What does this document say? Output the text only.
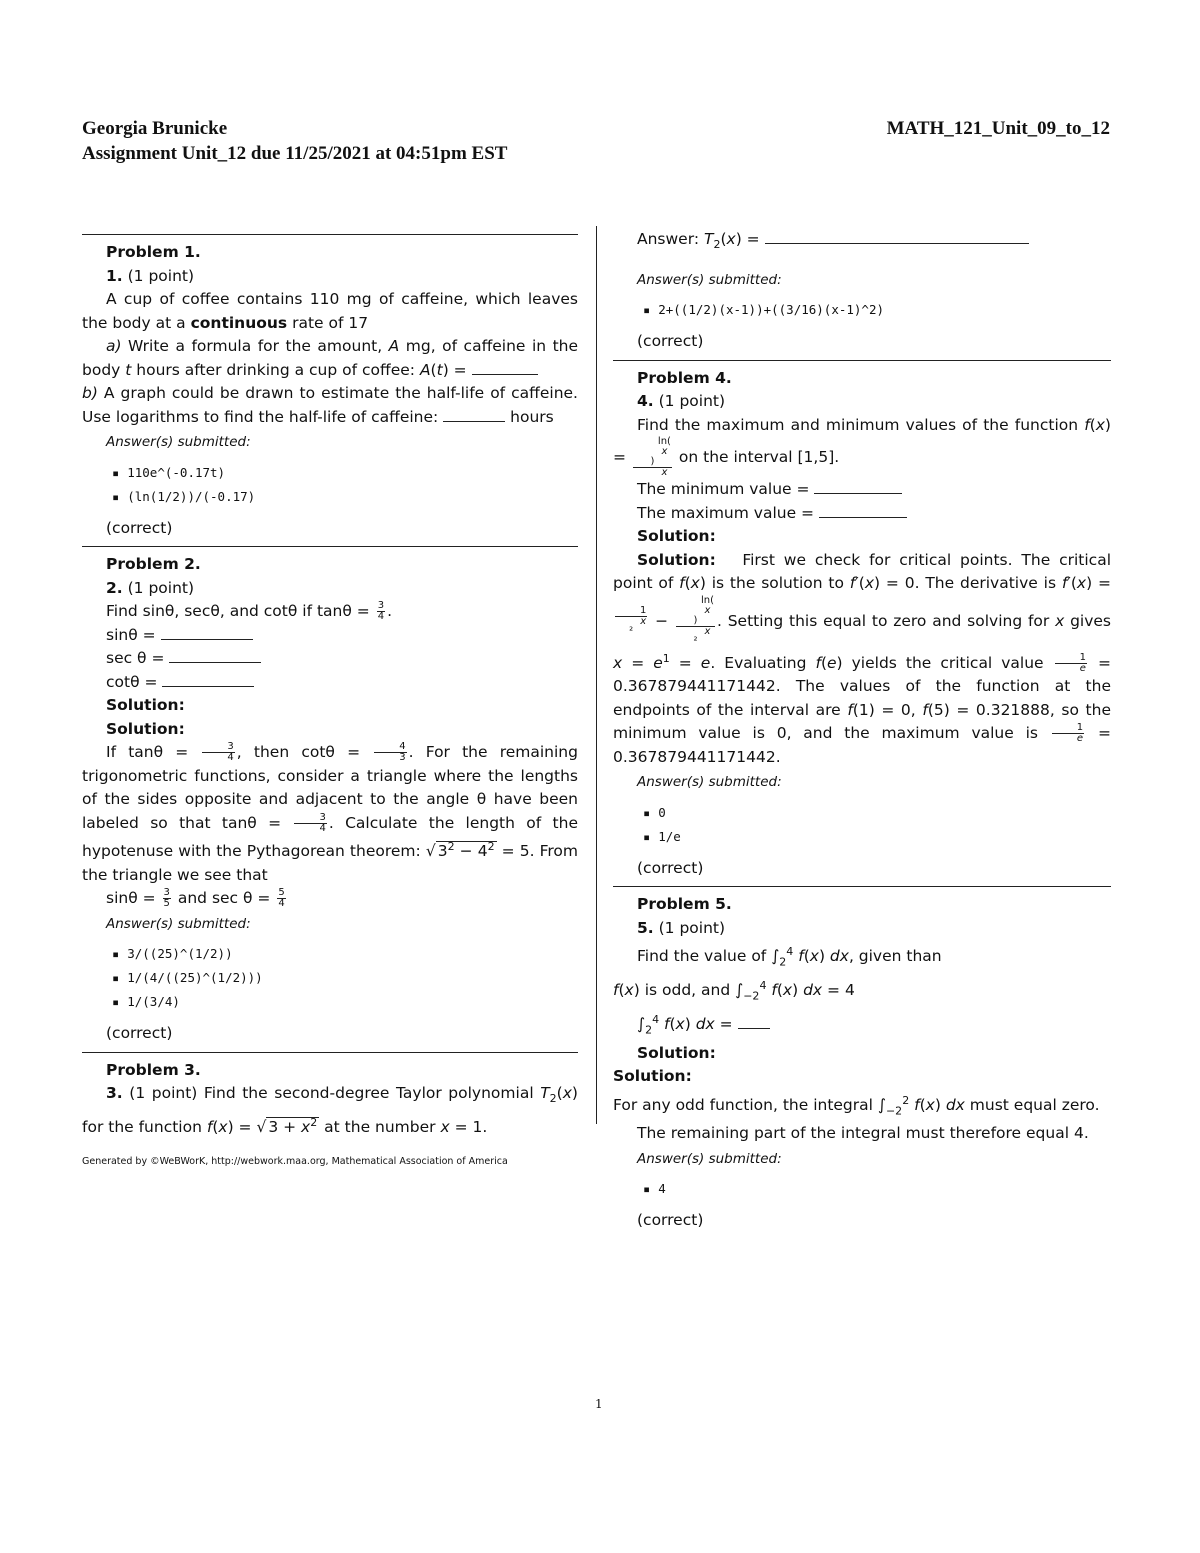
Georgia Brunicke
Assignment Unit_12 due 11/25/2021 at 04:51pm EST
MATH_121_Unit_09_to_12
Problem 1.
1. (1 point)
A cup of coffee contains 110 mg of caffeine, which leaves the body at a continuous rate of 17
a) Write a formula for the amount, A mg, of caffeine in the body t hours after drinking a cup of coffee: A(t) =
b) A graph could be drawn to estimate the half-life of caffeine. Use logarithms to find the half-life of caffeine:	hours
Answer(s) submitted:
▪ 110e^(-0.17t)
▪ (ln(1/2))/(-0.17)
(correct)
Problem 2.
2. (1 point)
Find sinθ, secθ, and cotθ if $\tan\theta = \frac{3}{4}$ .
sinθ =
sec θ =
cotθ =
Solution:
Solution:
If $\tan\theta = \frac{3}{4}$ , then $\cot\theta = \frac{4}{3}$ . For the remaining trigonometric functions, consider a triangle where the lengths of the sides opposite and adjacent to the angle θ have been labeled so that $\tan\theta = \frac{3}{4}$ . Calculate the length of the hypotenuse with the Pythagorean theorem: √ $3^2 - 4^2 = 5$. From the triangle we see that
$\sin\theta = \frac{3}{5}$ and $\sec \theta = \frac{5}{4}$
Answer(s) submitted:
▪ 3/((25)^(1/2))
▪ 1/(4/((25)^(1/2)))
▪ 1/(3/4)
(correct)
Problem 3.
3. (1 point) Find the second-degree Taylor polynomial $T_2(x)$ for the function f(x) = √ $3 + x^2$ at the number x = 1.
Answer: $T_2(x)$ =
Answer(s) submitted:
▪ 2+((1/2)(x-1))+((3/16)(x-1)^2)
(correct)
Problem 4.
4. (1 point)
Find the maximum and minimum values of the function f(x) = ln(
x
)
x on the interval [1,5].
The minimum value =
The maximum value =
Solution:
Solution: First we check for critical points. The critical point of f(x) is the solution to f′(x) = 0. The derivative is f′(x) =
1
x
² − ln(
x
)
x
² . Setting this equal to zero and solving for x gives $x = e^1 = e$. Evaluating f(e) yields the critical value $\frac{1}{e} = 0.367879441171442$. The values of the function at the endpoints of the interval are f(1) = 0, f(5) = 0.321888, so the minimum value is 0, and the maximum value is $\frac{1}{e} = 0.367879441171442$.
Answer(s) submitted:
▪ 0
▪ 1/e
(correct)
Problem 5.
5. (1 point)
Find the value of $\int_2^4$ f(x) dx, given than
f(x) is odd, and $\int_{-2}^4$ f(x) dx = 4
$\int_2^4$ f(x) dx =
Solution:
Solution:
For any odd function, the integral $\int_{-2}^2$ f(x) dx must equal zero.
The remaining part of the integral must therefore equal 4.
Answer(s) submitted:
▪ 4
(correct)
Generated by ©WeBWorK, http://webwork.maa.org, Mathematical Association of America
1
